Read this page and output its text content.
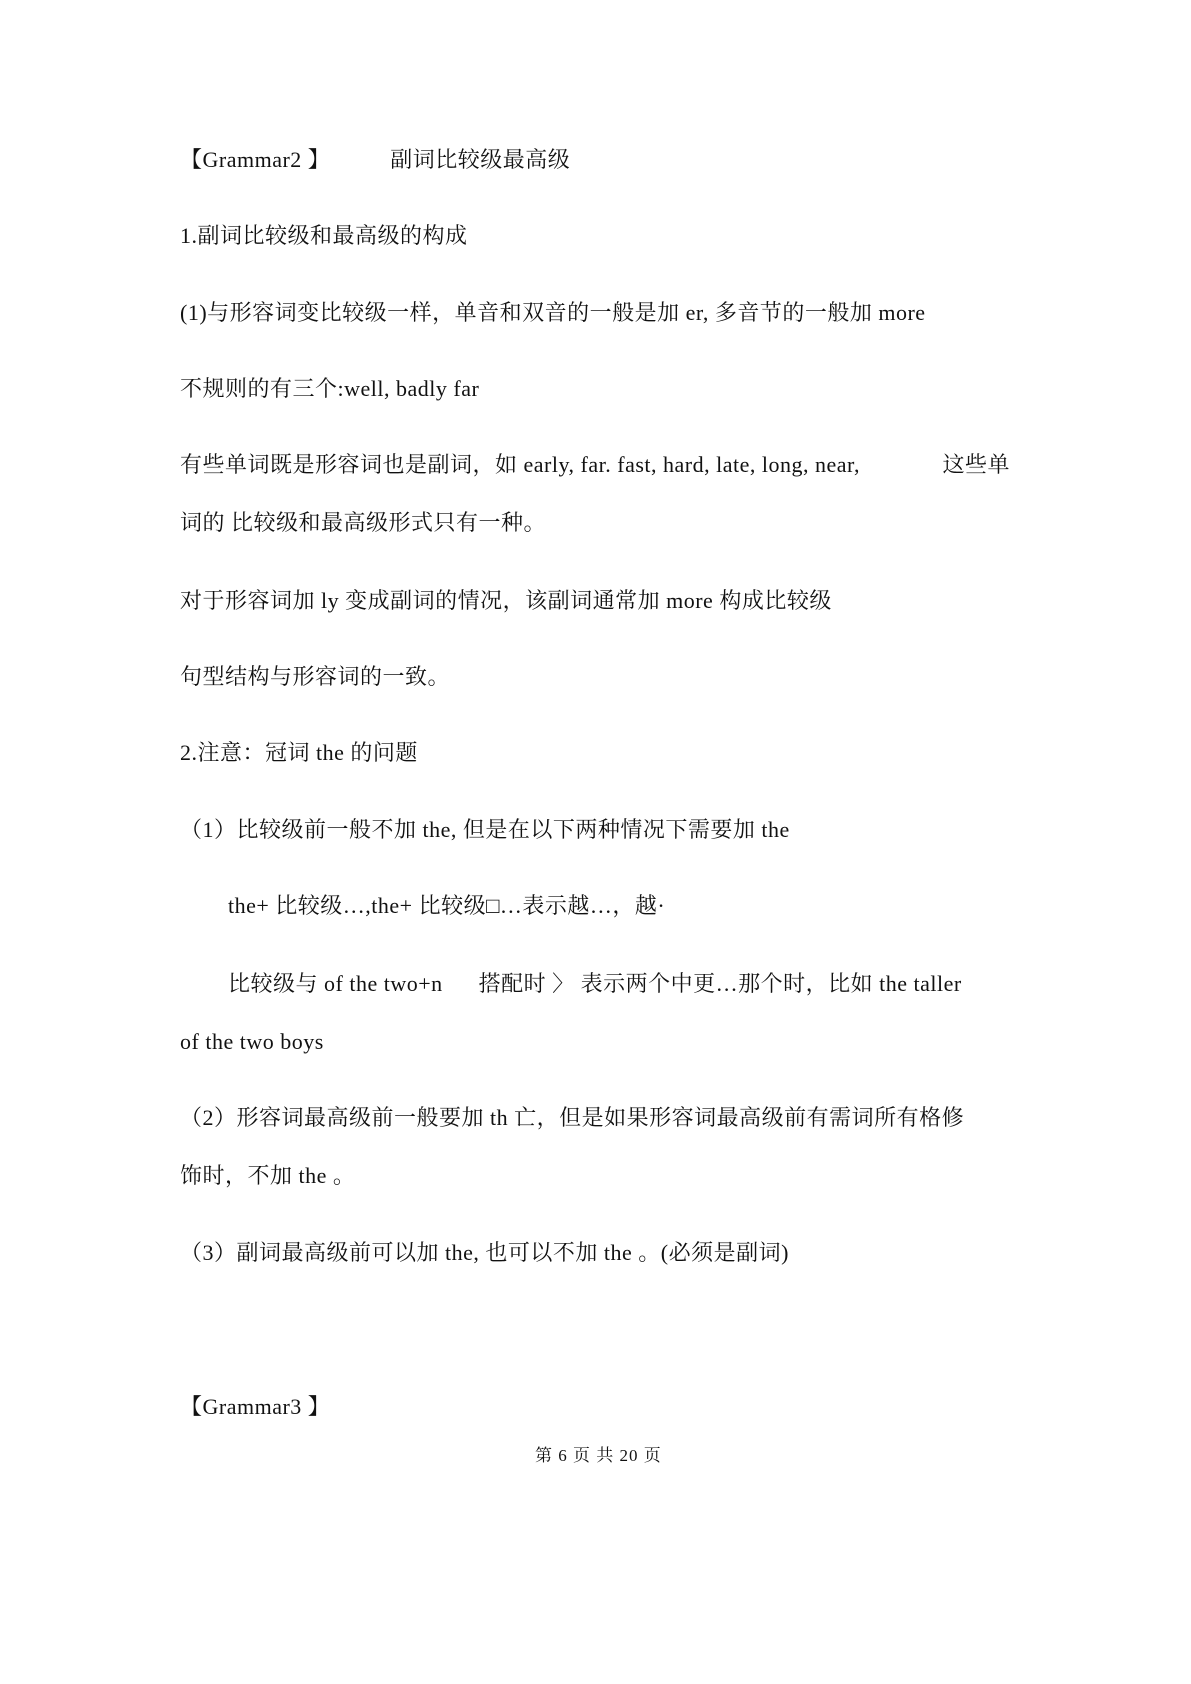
【Grammar2 】	副词比较级最高级
1.副词比较级和最高级的构成
(1)与形容词变比较级一样，单音和双音的一般是加 er, 多音节的一般加 more
不规则的有三个:well, badly far
有些单词既是形容词也是副词，如 early, far. fast, hard, late, long, near,	这些单
词的 比较级和最高级形式只有一种。
对于形容词加 ly 变成副词的情况，该副词通常加 more 构成比较级
句型结构与形容词的一致。
2.注意：冠词 the 的问题
（1）比较级前一般不加 the, 但是在以下两种情况下需要加 the
the+ 比较级…,the+ 比较级□…表示越…，越·
比较级与 of the two+n 搭配时 〉 表示两个中更…那个时，比如 the taller
of the two boys
（2）形容词最高级前一般要加 th 亡，但是如果形容词最高级前有需词所有格修
饰时，不加 the 。
（3）副词最高级前可以加 the, 也可以不加 the 。(必须是副词)
【Grammar3 】
第 6 页 共 20 页
